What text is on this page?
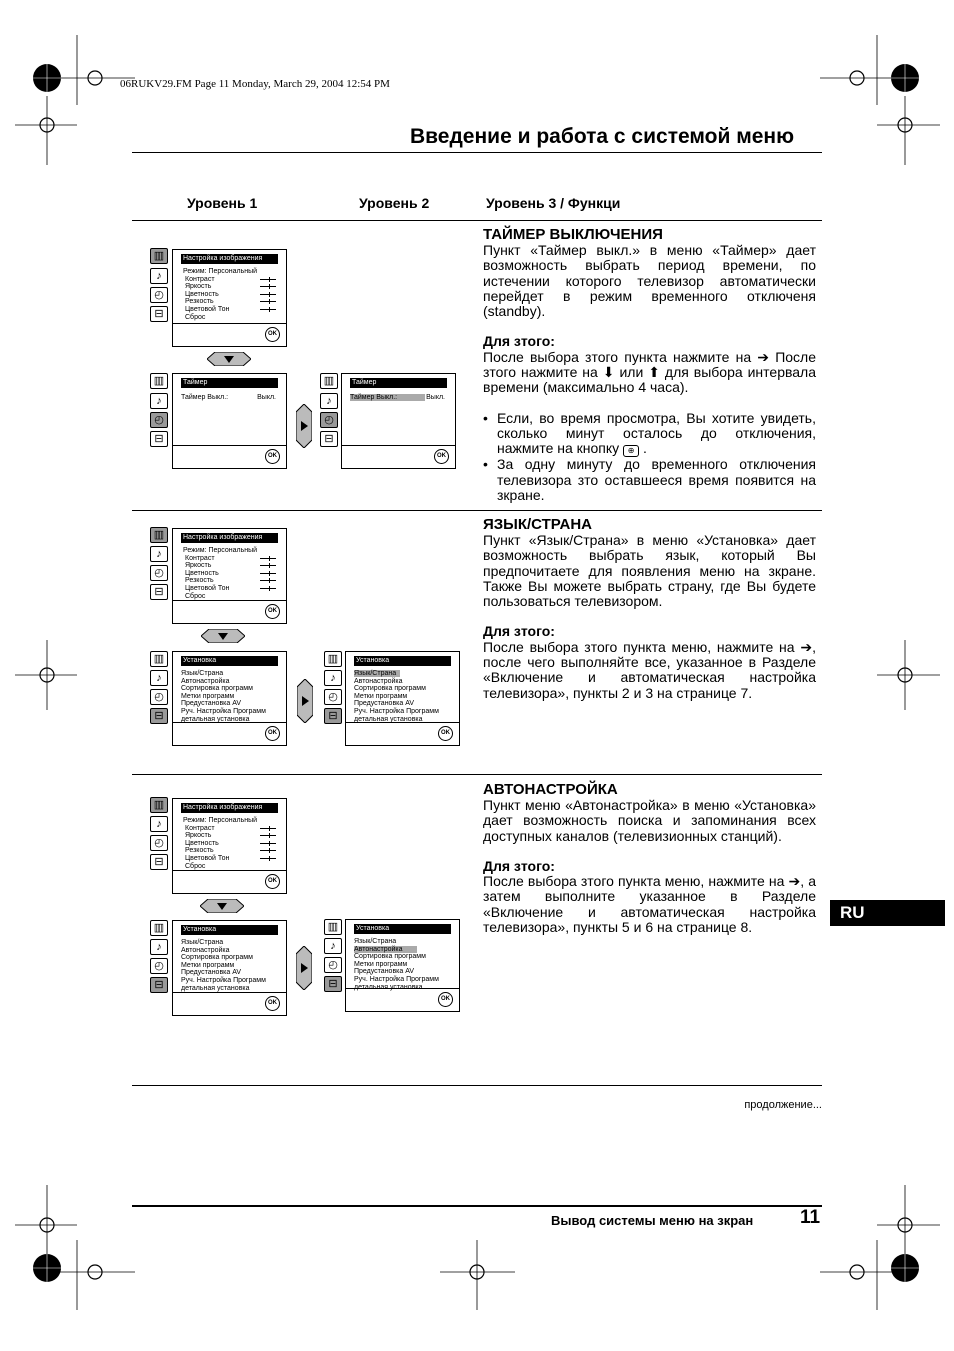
06RUKV29.FM Page 11 Monday, March 29, 2004 12:54 PM
Введение и работа с системой меню
Уровень 1	Уровень 2	Уровень 3 / Функци
ТАЙМЕР ВЫКЛЮЧЕНИЯ
Пункт «Таймер выкл.» в меню «Таймер» дает возможность выбрать период времени, по истечении которого телевизор автоматически перейдет в режим временного отключеня (standby).
Для зтого:
После выбора зтого пункта нажмите на ➔ После зтого нажмите на ⬇ или ⬆ для выбора интервала времени (максимально 4 часа).
• Если, во время просмотра, Вы хотите увидеть, сколько минут осталось до отключения, нажмите на кнопку ⊕ .
• За одну минуту до временного отключения телевизора зто оставшееся время появится на зкране.
▥
♪
◴
⊟
Настройка изображения
Режим: Персональный
Контраст
Яркость
Цветность
Резкость
Цветовой Тон
Сброс
OK
▥
♪
◴
⊟
Таймер
Таймер Выкл.:	Выкл.
OK
▥
♪
◴
⊟
Таймер
Таймер Выкл.:	Выкл.
OK
ЯЗЫК/СТРАНА
Пункт «Язык/Страна» в меню «Установка» дает возможность выбрать язык, который Вы предпочитаете для появления меню на зкране. Также Вы можете выбрать страну, где Вы будете пользоваться телевизором.
Для зтого:
После выбора зтого пункта меню, нажмите на ➔, после чего выполняйте все, указанное в Разделе «Включение и автоматическая настройка телевизора», пункты 2 и 3 на странице 7.
▥
♪
◴
⊟
Настройка изображения
Режим: Персональный
Контраст
Яркость
Цветность
Резкость
Цветовой Тон
Сброс
OK
▥
♪
◴
⊟
Установка
Язык/Страна
Автонастройка
Сортировка программ
Метки программ
Предустановка AV
Руч. Настройка Программ
детальная установка
OK
▥
♪
◴
⊟
Установка
Язык/Страна
Автонастройка
Сортировка программ
Метки программ
Предустановка AV
Руч. Настройка Программ
детальная установка
OK
АВТОНАСТРОЙКА
Пункт меню «Автонастройка» в меню «Установка» дает возможность поиска и запоминания всех доступных каналов (телевизионных станций).
Для зтого:
После выбора зтого пункта меню, нажмите на ➔, а затем выполните указанное в Разделе «Включение и автоматическая настройка телевизора», пункты 5 и 6 на странице 8.
▥
♪
◴
⊟
Настройка изображения
Режим: Персональный
Контраст
Яркость
Цветность
Резкость
Цветовой Тон
Сброс
OK
▥
♪
◴
⊟
Установка
Язык/Страна
Автонастройка
Сортировка программ
Метки программ
Предустановка AV
Руч. Настройка Программ
детальная установка
OK
▥
♪
◴
⊟
Установка
Язык/Страна
Автонастройка
Сортировка программ
Метки программ
Предустановка AV
Руч. Настройка Программ
детальная установка
OK
RU
продолжение...
Вывод системы меню на зкран 11
